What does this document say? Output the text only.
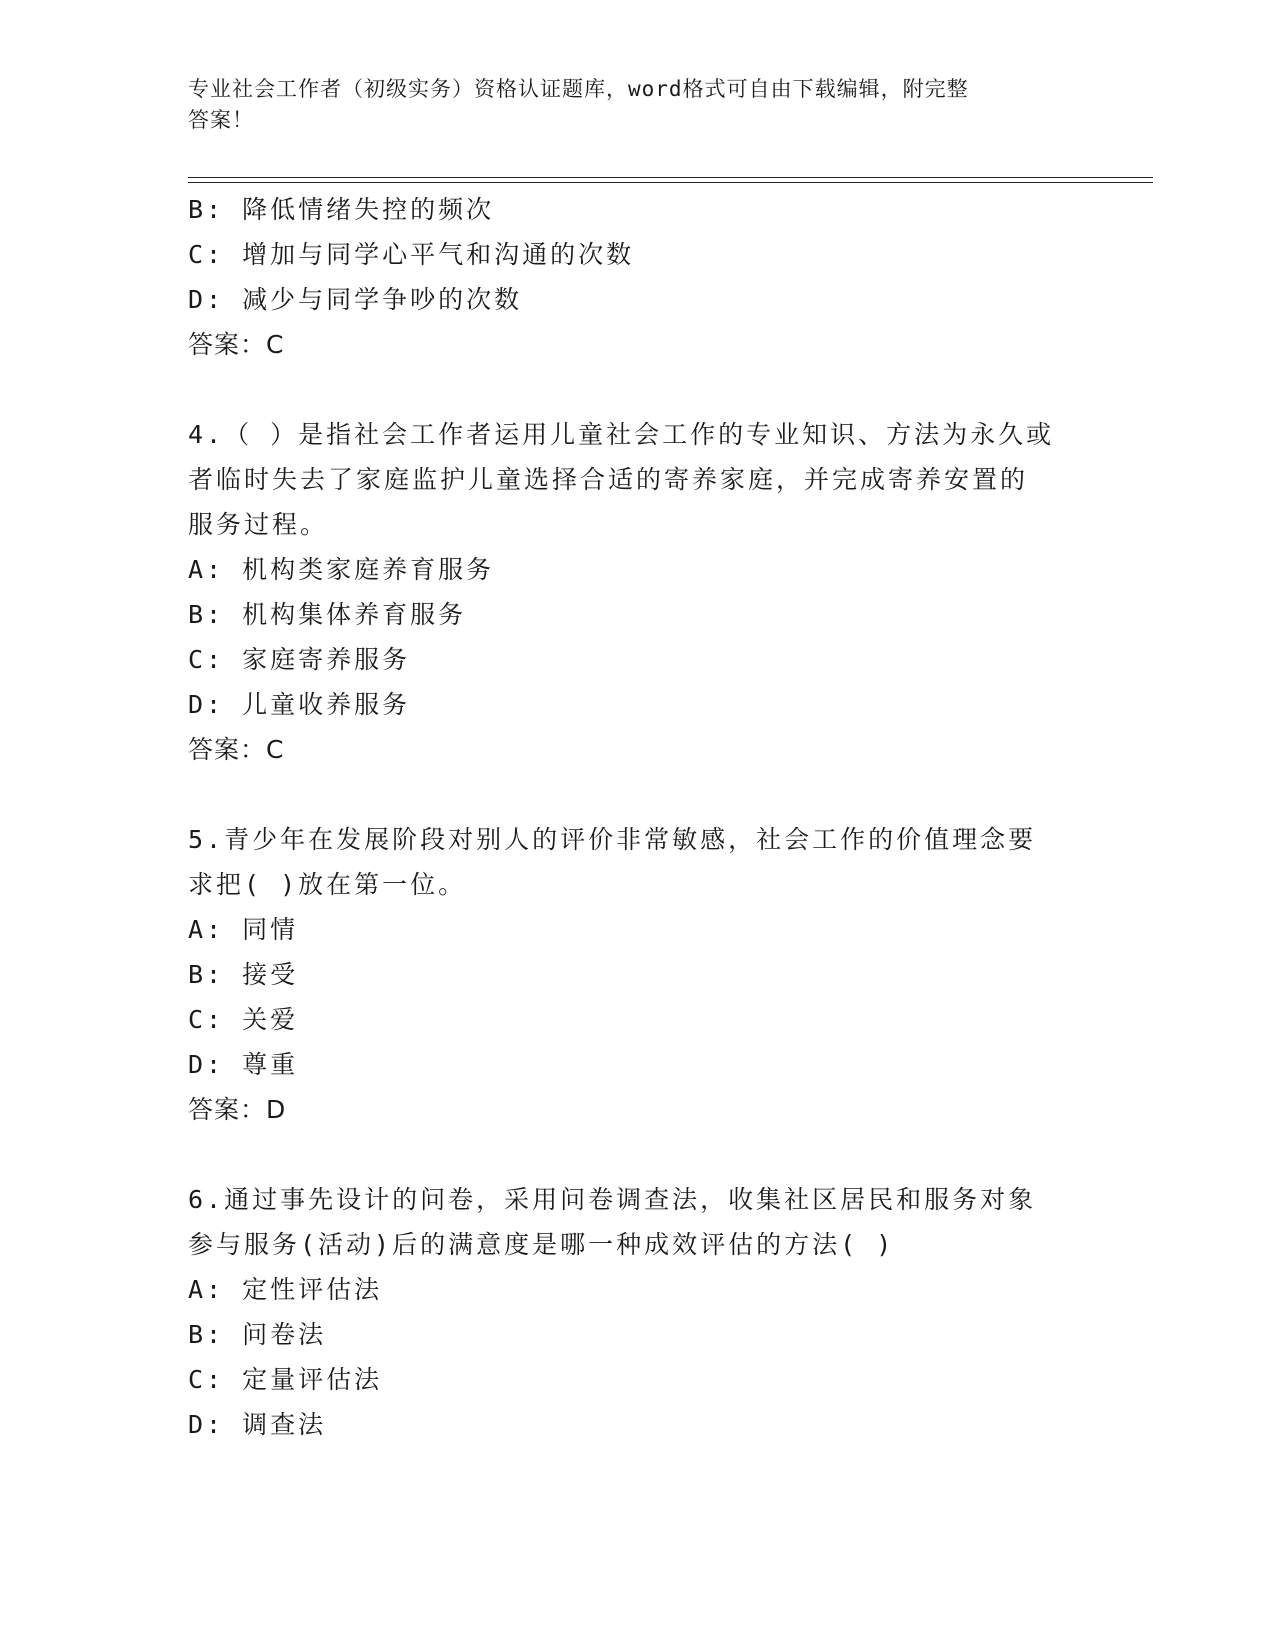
专业社会工作者（初级实务）资格认证题库，word格式可自由下载编辑，附完整
答案！
B: 降低情绪失控的频次
C: 增加与同学心平气和沟通的次数
D: 减少与同学争吵的次数
答案：C
4.（ ）是指社会工作者运用儿童社会工作的专业知识、方法为永久或
者临时失去了家庭监护儿童选择合适的寄养家庭，并完成寄养安置的
服务过程。
A: 机构类家庭养育服务
B: 机构集体养育服务
C: 家庭寄养服务
D: 儿童收养服务
答案：C
5.青少年在发展阶段对别人的评价非常敏感，社会工作的价值理念要
求把( )放在第一位。
A: 同情
B: 接受
C: 关爱
D: 尊重
答案：D
6.通过事先设计的问卷，采用问卷调查法，收集社区居民和服务对象
参与服务(活动)后的满意度是哪一种成效评估的方法( )
A: 定性评估法
B: 问卷法
C: 定量评估法
D: 调查法
